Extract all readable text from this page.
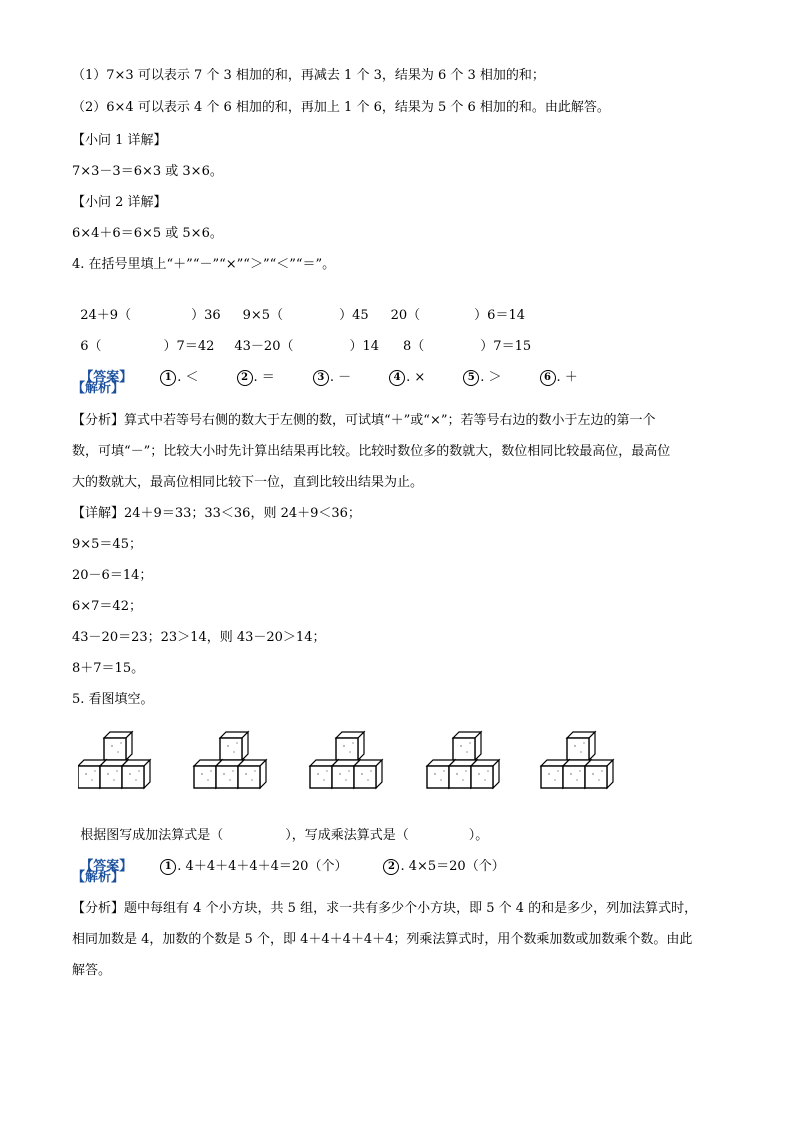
（1）7×3 可以表示 7 个 3 相加的和，再减去 1 个 3，结果为 6 个 3 相加的和；
（2）6×4 可以表示 4 个 6 相加的和，再加上 1 个 6，结果为 5 个 6 相加的和。由此解答。
【小问 1 详解】
7×3－3＝6×3 或 3×6。
【小问 2 详解】
6×4＋6＝6×5 或 5×6。
4. 在括号里填上“＋”“－”“×”“＞”“＜”“＝”。

24＋9（	）36 9×5（	）45 20（	）6＝14

6（	）7＝42 43－20（	）14 8（	）7＝15

【答案】	1 . ＜	2 . ＝	3 . －	4 . ×	5 . ＞	6 . ＋

【解析】
【分析】算式中若等号右侧的数大于左侧的数，可试填“＋”或“×”；若等号右边的数小于左边的第一个
数，可填“－”；比较大小时先计算出结果再比较。比较时数位多的数就大，数位相同比较最高位，最高位
大的数就大，最高位相同比较下一位，直到比较出结果为止。
【详解】24＋9＝33；33＜36，则 24＋9＜36；
9×5＝45；
20－6＝14；
6×7＝42；
43－20＝23；23＞14，则 43－20＞14；
8＋7＝15。
5. 看图填空。

根据图写成加法算式是（	），写成乘法算式是（	）。

【答案】	1 . 4＋4＋4＋4＋4＝20（个）	2 . 4×5＝20（个）

【解析】
【分析】题中每组有 4 个小方块，共 5 组，求一共有多少个小方块，即 5 个 4 的和是多少，列加法算式时，
相同加数是 4，加数的个数是 5 个，即 4＋4＋4＋4＋4；列乘法算式时，用个数乘加数或加数乘个数。由此
解答。
